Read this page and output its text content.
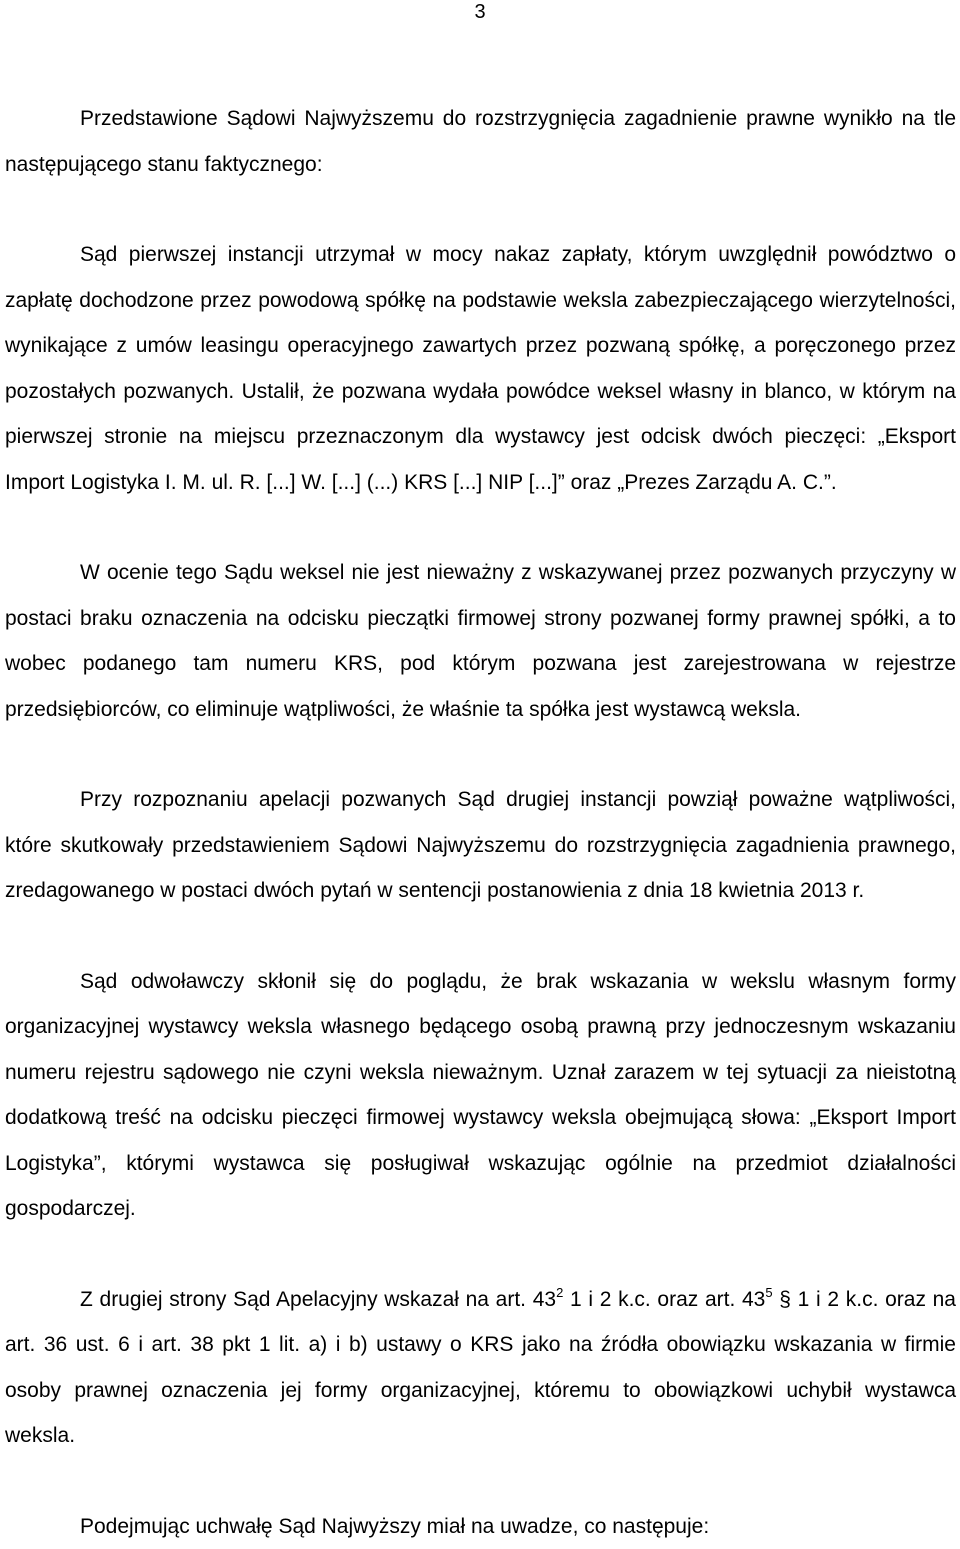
3

Przedstawione Sądowi Najwyższemu do rozstrzygnięcia zagadnienie prawne wynikło na tle następującego stanu faktycznego:

Sąd pierwszej instancji utrzymał w mocy nakaz zapłaty, którym uwzględnił powództwo o zapłatę dochodzone przez powodową spółkę na podstawie weksla zabezpieczającego wierzytelności, wynikające z umów leasingu operacyjnego zawartych przez pozwaną spółkę, a poręczonego przez pozostałych pozwanych. Ustalił, że pozwana wydała powódce weksel własny in blanco, w którym na pierwszej stronie na miejscu przeznaczonym dla wystawcy jest odcisk dwóch pieczęci: „Eksport Import Logistyka I. M. ul. R. [...] W. [...] (...) KRS [...] NIP [...]” oraz „Prezes Zarządu A. C.”.

W ocenie tego Sądu weksel nie jest nieważny z wskazywanej przez pozwanych przyczyny w postaci braku oznaczenia na odcisku pieczątki firmowej strony pozwanej formy prawnej spółki, a to wobec podanego tam numeru KRS, pod którym pozwana jest zarejestrowana w rejestrze przedsiębiorców, co eliminuje wątpliwości, że właśnie ta spółka jest wystawcą weksla.

Przy rozpoznaniu apelacji pozwanych Sąd drugiej instancji powziął poważne wątpliwości, które skutkowały przedstawieniem Sądowi Najwyższemu do rozstrzygnięcia zagadnienia prawnego, zredagowanego w postaci dwóch pytań w sentencji postanowienia z dnia 18 kwietnia 2013 r.

Sąd odwoławczy skłonił się do poglądu, że brak wskazania w wekslu własnym formy organizacyjnej wystawcy weksla własnego będącego osobą prawną przy jednoczesnym wskazaniu numeru rejestru sądowego nie czyni weksla nieważnym. Uznał zarazem w tej sytuacji za nieistotną dodatkową treść na odcisku pieczęci firmowej wystawcy weksla obejmującą słowa: „Eksport Import Logistyka”, którymi wystawca się posługiwał wskazując ogólnie na przedmiot działalności gospodarczej.

Z drugiej strony Sąd Apelacyjny wskazał na art. $43^2$ 1 i 2 k.c. oraz art. $43^5$ § 1 i 2 k.c. oraz na art. 36 ust. 6 i art. 38 pkt 1 lit. a) i b) ustawy o KRS jako na źródła obowiązku wskazania w firmie osoby prawnej oznaczenia jej formy organizacyjnej, któremu to obowiązkowi uchybił wystawca weksla.

Podejmując uchwałę Sąd Najwyższy miał na uwadze, co następuje:
